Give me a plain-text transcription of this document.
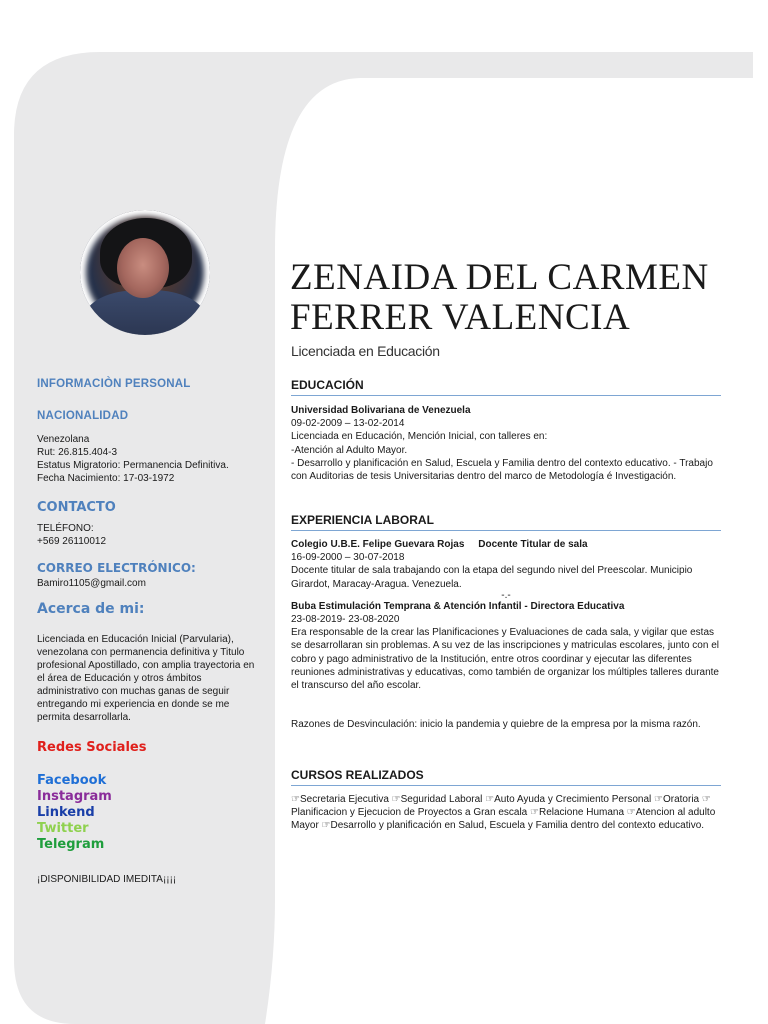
INFORMACIÒN PERSONAL
NACIONALIDAD
Venezolana
Rut: 26.815.404-3
Estatus Migratorio: Permanencia Definitiva.
Fecha Nacimiento: 17-03-1972
CONTACTO
TELÉFONO:
+569 26110012
CORREO ELECTRÓNICO:
Bamiro1105@gmail.com
Acerca de mi:
Licenciada en Educación Inicial (Parvularia), venezolana con permanencia definitiva y Titulo profesional Apostillado, con amplia trayectoria en el área de Educación y otros ámbitos administrativo con muchas ganas de seguir entregando mi experiencia en donde se me permita desarrollarla.
Redes Sociales
Facebook
Instagram
Linkend
Twitter
Telegram
¡DISPONIBILIDAD IMEDITA¡¡¡¡
ZENAIDA DEL CARMEN
FERRER VALENCIA
Licenciada en Educación
EDUCACIÓN
Universidad Bolivariana de Venezuela
09-02-2009 – 13-02-2014
Licenciada en Educación, Mención Inicial, con talleres en:
-Atención al Adulto Mayor.
- Desarrollo y planificación en Salud, Escuela y Familia dentro del contexto educativo. - Trabajo con Auditorias de tesis Universitarias dentro del marco de Metodología é Investigación.
EXPERIENCIA LABORAL
Colegio U.B.E. Felipe Guevara Rojas     Docente Titular de sala
16-09-2000 – 30-07-2018
Docente titular de sala trabajando con la etapa del segundo nivel del Preescolar. Municipio Girardot, Maracay-Aragua. Venezuela.
-.-
Buba Estimulación Temprana & Atención Infantil - Directora Educativa
23-08-2019- 23-08-2020
Era responsable de la crear las Planificaciones y Evaluaciones de cada sala, y vigilar que estas se desarrollaran sin problemas. A su vez de las inscripciones y matriculas escolares, junto con el cobro y pago administrativo de la Institución, entre otros coordinar y ejecutar las diferentes reuniones administrativas y educativas, como también de organizar los múltiples talleres durante el transcurso del año escolar.
Razones de Desvinculación: inicio la pandemia y quiebre de la empresa por la misma razón.
CURSOS REALIZADOS
☞Secretaria Ejecutiva ☞Seguridad Laboral ☞Auto Ayuda y Crecimiento Personal ☞Oratoria ☞Planificacion y Ejecucion de Proyectos a Gran escala ☞Relacione Humana ☞Atencion al adulto Mayor ☞Desarrollo y planificación en Salud, Escuela y Familia dentro del contexto educativo.
